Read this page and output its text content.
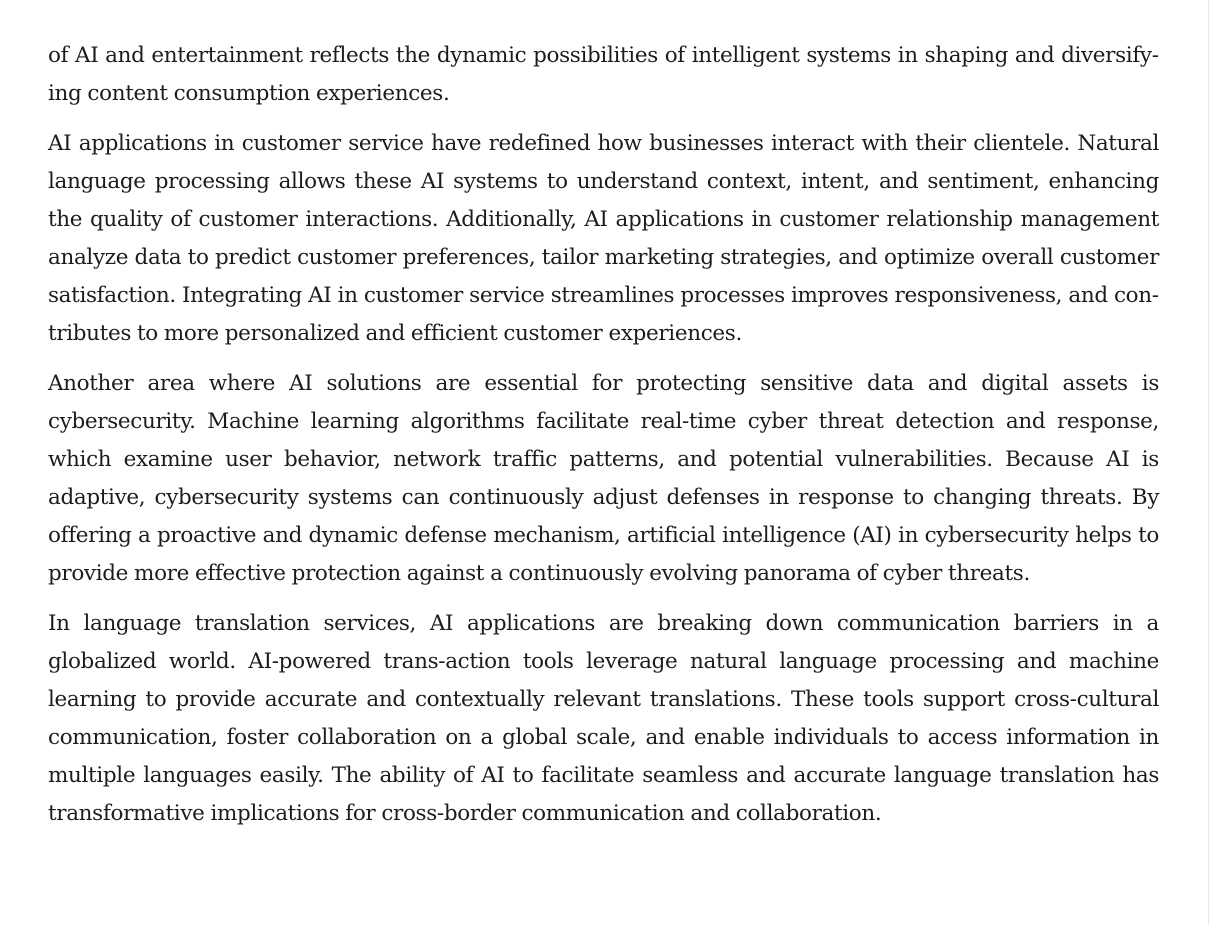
of AI and entertainment reflects the dynamic possibilities of intelligent systems in shaping and diversifying content consumption experiences.

AI applications in customer service have redefined how businesses interact with their clientele. Natural language processing allows these AI systems to understand context, intent, and sentiment, enhancing the quality of customer interactions. Additionally, AI applications in customer relationship management analyze data to predict customer preferences, tailor marketing strategies, and optimize overall customer satisfaction. Integrating AI in customer service streamlines processes improves responsiveness, and contributes to more personalized and efficient customer experiences.

Another area where AI solutions are essential for protecting sensitive data and digital assets is cybersecurity. Machine learning algorithms facilitate real-time cyber threat detection and response, which examine user behavior, network traffic patterns, and potential vulnerabilities. Because AI is adaptive, cybersecurity systems can continuously adjust defenses in response to changing threats. By offering a proactive and dynamic defense mechanism, artificial intelligence (AI) in cybersecurity helps to provide more effective protection against a continuously evolving panorama of cyber threats.

In language translation services, AI applications are breaking down communication barriers in a globalized world. AI-powered trans-action tools leverage natural language processing and machine learning to provide accurate and contextually relevant translations. These tools support cross-cultural communication, foster collaboration on a global scale, and enable individuals to access information in multiple languages easily. The ability of AI to facilitate seamless and accurate language translation has transformative implications for cross-border communication and collaboration.
